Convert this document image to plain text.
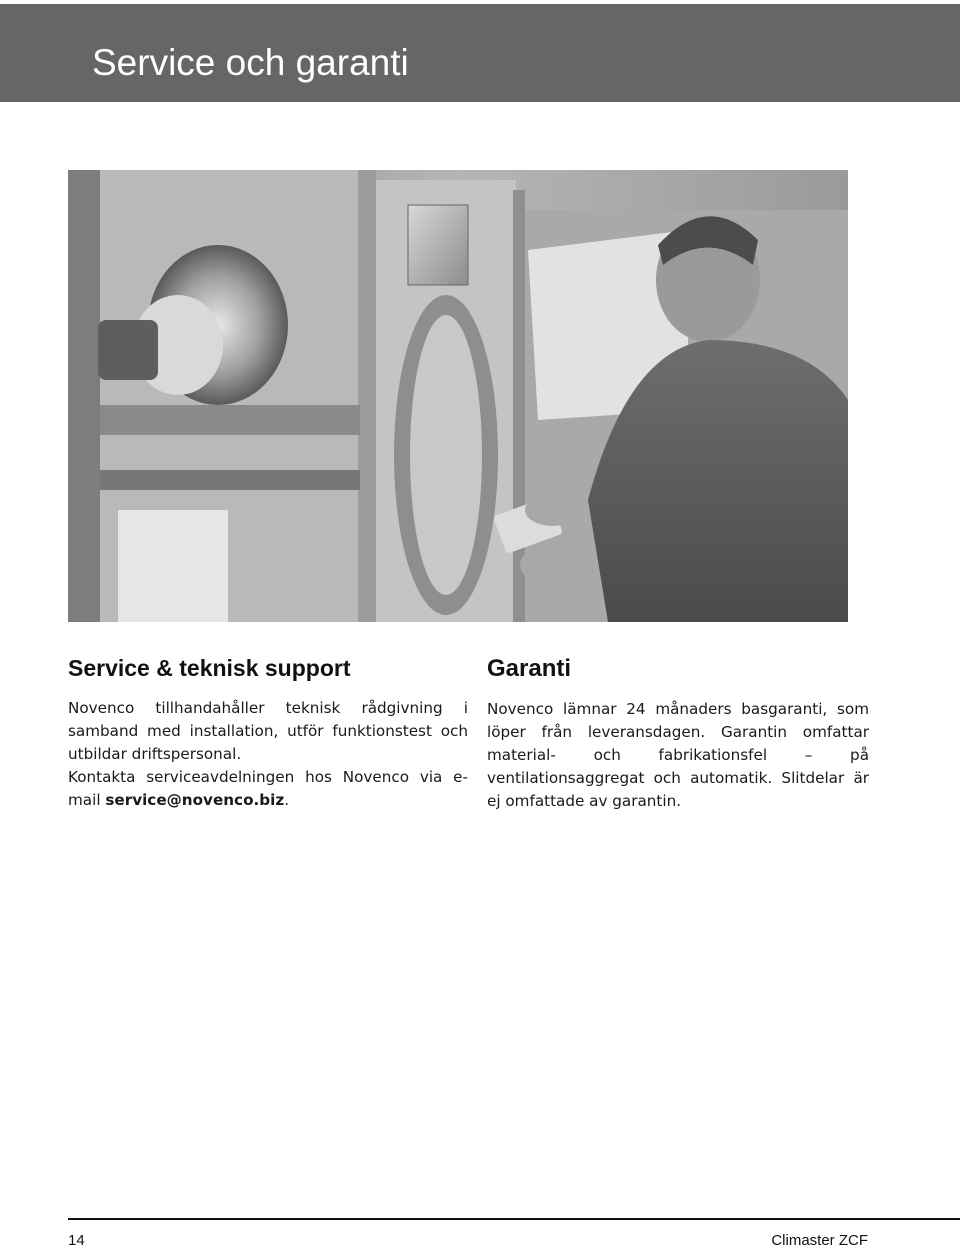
Service och garanti
Service & teknisk support

Novenco tillhandahåller teknisk rådgivning i samband med installation, utför funktionstest och utbildar driftspersonal.

Kontakta serviceavdelningen hos Novenco via e-mail service@novenco.biz.

Garanti

Novenco lämnar 24 månaders basgaranti, som löper från leveransdagen. Garantin omfattar material- och fabrikationsfel – på ventilationsaggregat och automatik. Slitdelar är ej omfattade av garantin.

14	Climaster ZCF
